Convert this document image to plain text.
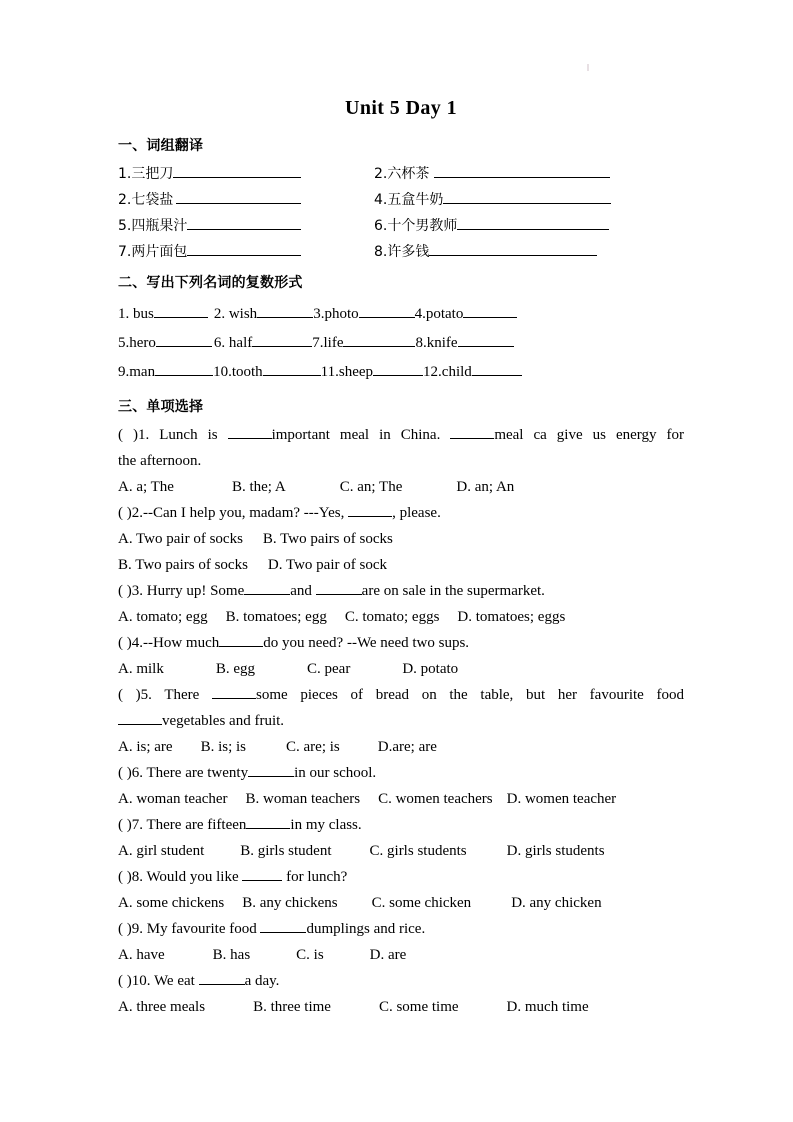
Unit 5 Day 1
一、词组翻译
1.三把刀	2.六杯茶
2.七袋盐	4.五盒牛奶
5.四瓶果汁	6.十个男教师
7.两片面包	8.许多钱
二、写出下列名词的复数形式
1. bus	2. wish	3.photo	4.potato
5.hero	6. half	7.life	8.knife
9.man	10.tooth	11.sheep	12.child
三、单项选择
( )1. Lunch is	important meal in China.	meal ca give us energy for
the afternoon.
A. a; The	B. the; A	C. an; The	D. an; An
( )2.--Can I help you, madam? ---Yes,	, please.
A. Two pair of socks B. Two pairs of socks
B. Two pairs of socks D. Two pair of sock
( )3. Hurry up! Some	and	are on sale in the supermarket.
A. tomato; egg B. tomatoes; egg C. tomato; eggs D. tomatoes; eggs
( )4.--How much	do you need? --We need two sups.
A. milk	B. egg	C. pear	D. potato
( )5. There	some pieces of bread on the table, but her favourite food
vegetables and fruit.
A. is; are B. is; is	C. are; is	D.are; are
( )6. There are twenty	in our school.
A. woman teacher B. woman teachers C. women teachers D. women teacher
( )7. There are fifteen	in my class.
A. girl student B. girls student	C. girls students	D. girls students
( )8. Would you like	for lunch?
A. some chickens B. any chickens C. some chicken	D. any chicken
( )9. My favourite food	dumplings and rice.
A. have	B. has	C. is	D. are
( )10. We eat	a day.
A. three meals	B. three time	C. some time	D. much time
